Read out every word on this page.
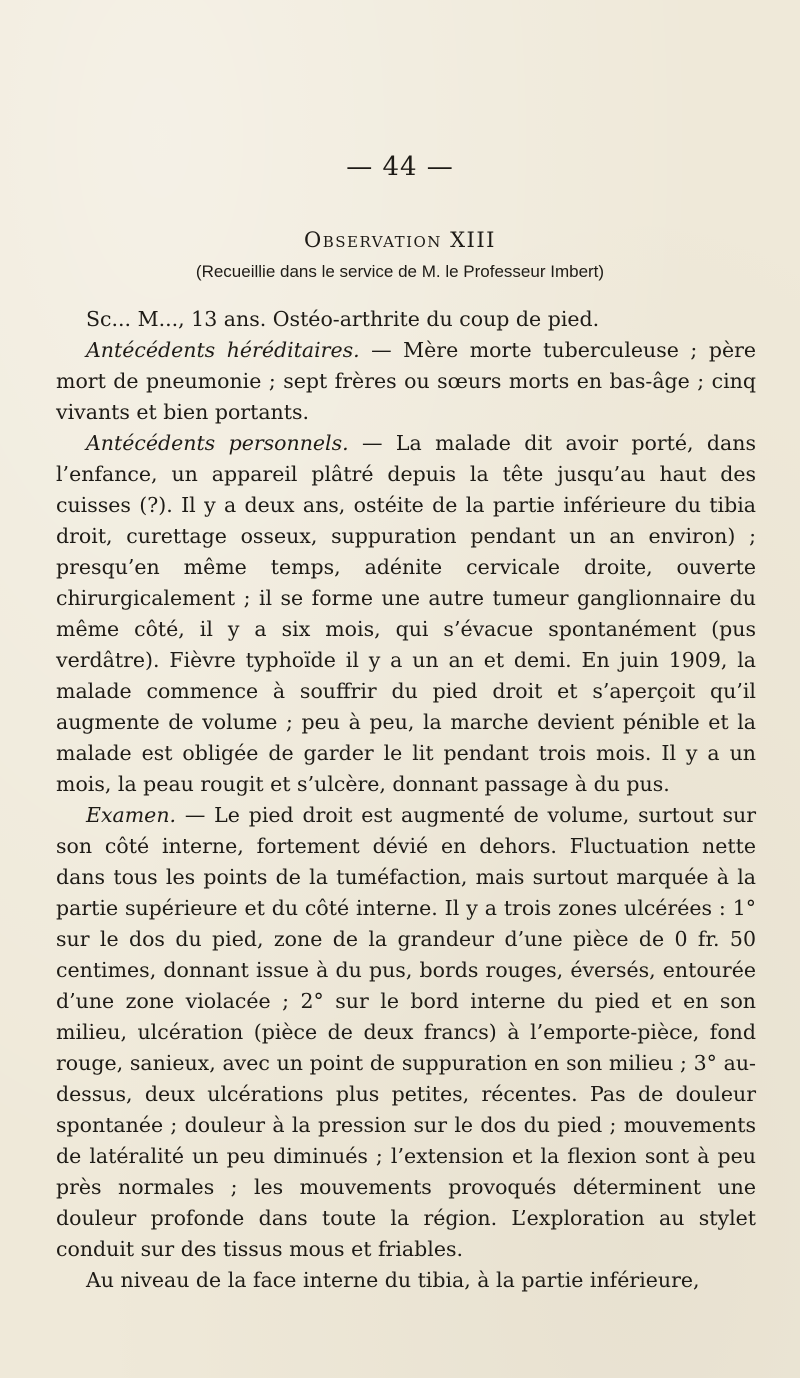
— 44 —
Observation XIII
(Recueillie dans le service de M. le Professeur Imbert)

Sc... M..., 13 ans. Ostéo-arthrite du coup de pied.

Antécédents héréditaires. — Mère morte tuberculeuse ; père mort de pneumonie ; sept frères ou sœurs morts en bas-âge ; cinq vivants et bien portants.

Antécédents personnels. — La malade dit avoir porté, dans l’enfance, un appareil plâtré depuis la tête jusqu’au haut des cuisses (?). Il y a deux ans, ostéite de la partie inférieure du tibia droit, curettage osseux, suppuration pendant un an environ) ; presqu’en même temps, adénite cervicale droite, ouverte chirurgicalement ; il se forme une autre tumeur ganglionnaire du même côté, il y a six mois, qui s’évacue spontanément (pus verdâtre). Fièvre typhoïde il y a un an et demi. En juin 1909, la malade commence à souffrir du pied droit et s’aperçoit qu’il augmente de volume ; peu à peu, la marche devient pénible et la malade est obligée de garder le lit pendant trois mois. Il y a un mois, la peau rougit et s’ulcère, donnant passage à du pus.

Examen. — Le pied droit est augmenté de volume, surtout sur son côté interne, fortement dévié en dehors. Fluctuation nette dans tous les points de la tuméfaction, mais surtout marquée à la partie supérieure et du côté interne. Il y a trois zones ulcérées : 1° sur le dos du pied, zone de la grandeur d’une pièce de 0 fr. 50 centimes, donnant issue à du pus, bords rouges, éversés, entourée d’une zone violacée ; 2° sur le bord interne du pied et en son milieu, ulcération (pièce de deux francs) à l’emporte-pièce, fond rouge, sanieux, avec un point de suppuration en son milieu ; 3° au-dessus, deux ulcérations plus petites, récentes. Pas de douleur spontanée ; douleur à la pression sur le dos du pied ; mouvements de latéralité un peu diminués ; l’extension et la flexion sont à peu près normales ; les mouvements provoqués déterminent une douleur profonde dans toute la région. L’exploration au stylet conduit sur des tissus mous et friables.

Au niveau de la face interne du tibia, à la partie inférieure,
